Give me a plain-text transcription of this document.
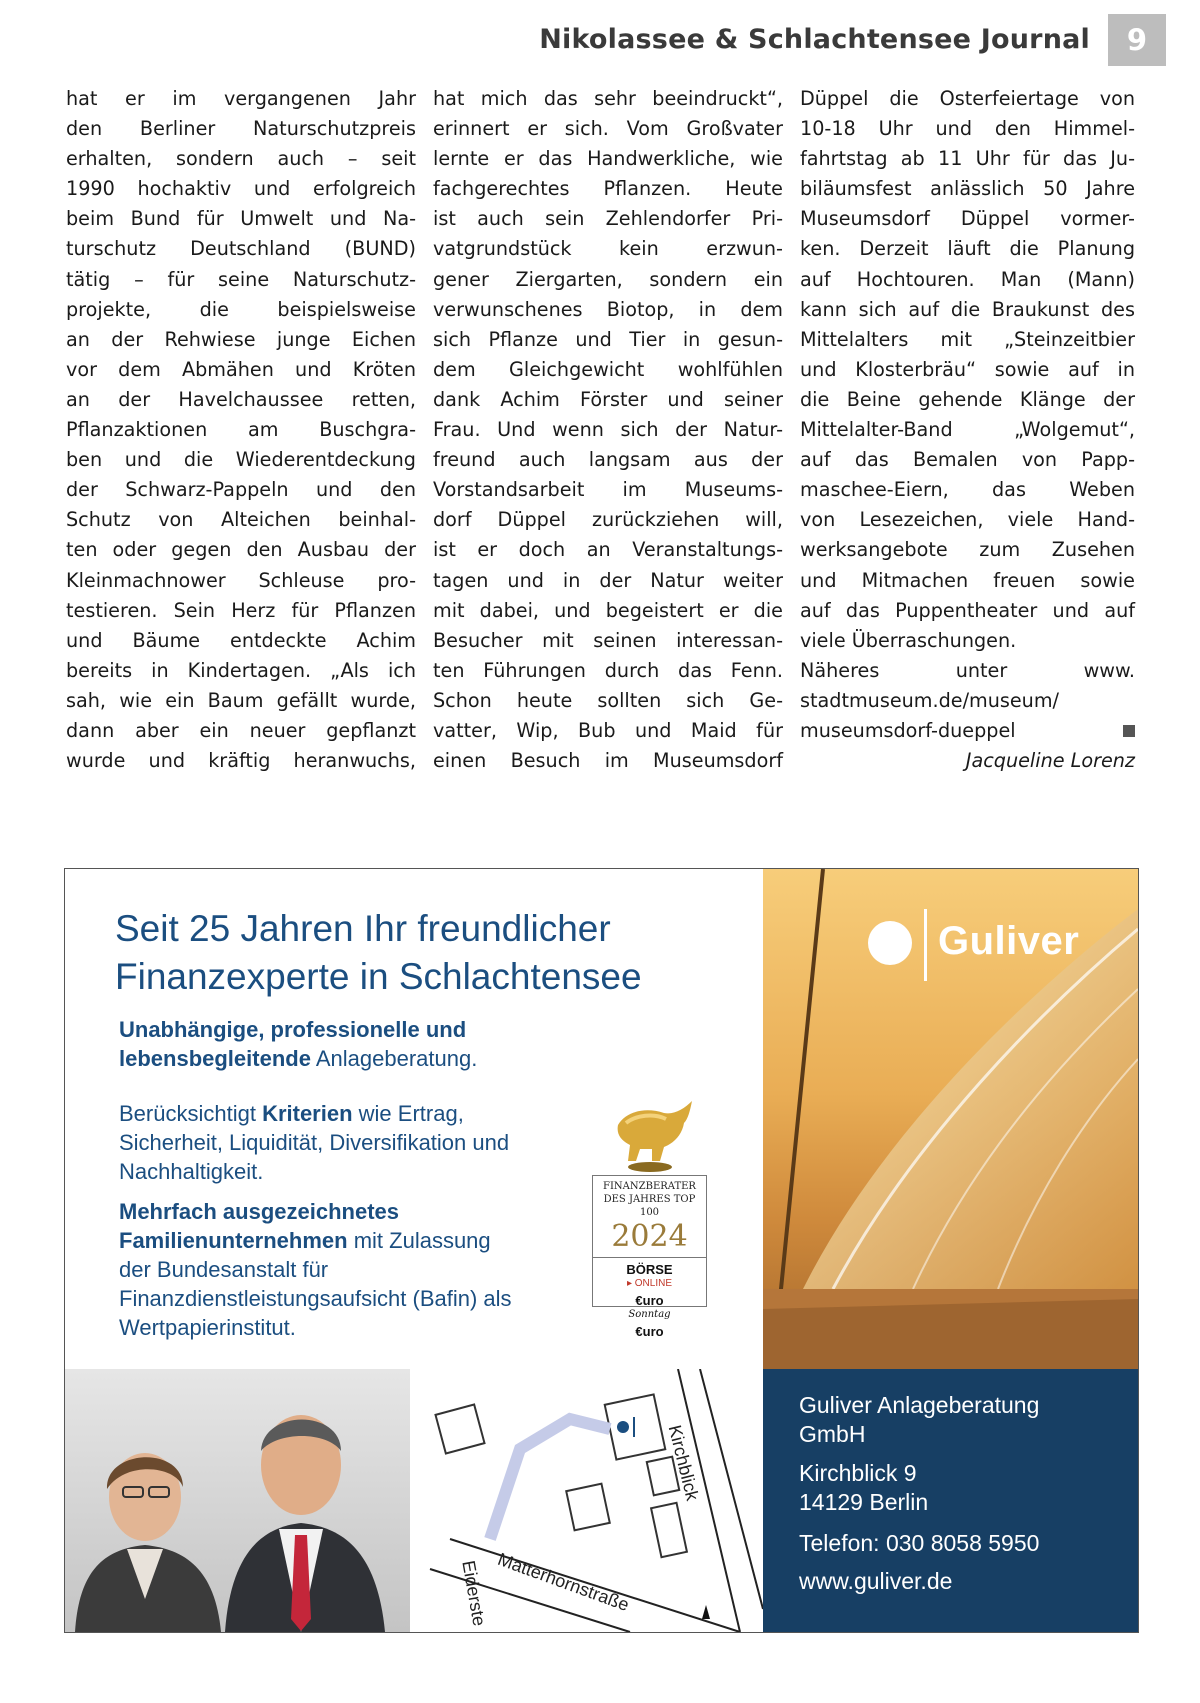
Nikolassee & Schlachtensee Journal	9
hat er im vergangenen Jahr
den Berliner Naturschutzpreis
erhalten, sondern auch – seit
1990 hochaktiv und erfolgreich
beim Bund für Umwelt und Na-
turschutz Deutschland (BUND)
tätig – für seine Naturschutz-
projekte, die beispielsweise
an der Rehwiese junge Eichen
vor dem Abmähen und Kröten
an der Havelchaussee retten,
Pflanzaktionen am Buschgra-
ben und die Wiederentdeckung
der Schwarz-Pappeln und den
Schutz von Alteichen beinhal-
ten oder gegen den Ausbau der
Kleinmachnower Schleuse pro-
testieren. Sein Herz für Pflanzen
und Bäume entdeckte Achim
bereits in Kindertagen. „Als ich
sah, wie ein Baum gefällt wurde,
dann aber ein neuer gepflanzt
wurde und kräftig heranwuchs,
hat mich das sehr beeindruckt“,
erinnert er sich. Vom Großvater
lernte er das Handwerkliche, wie
fachgerechtes Pflanzen. Heute
ist auch sein Zehlendorfer Pri-
vatgrundstück kein erzwun-
gener Ziergarten, sondern ein
verwunschenes Biotop, in dem
sich Pflanze und Tier in gesun-
dem Gleichgewicht wohlfühlen
dank Achim Förster und seiner
Frau. Und wenn sich der Natur-
freund auch langsam aus der
Vorstandsarbeit im Museums-
dorf Düppel zurückziehen will,
ist er doch an Veranstaltungs-
tagen und in der Natur weiter
mit dabei, und begeistert er die
Besucher mit seinen interessan-
ten Führungen durch das Fenn.
Schon heute sollten sich Ge-
vatter, Wip, Bub und Maid für
einen Besuch im Museumsdorf
Düppel die Osterfeiertage von
10-18 Uhr und den Himmel-
fahrtstag ab 11 Uhr für das Ju-
biläumsfest anlässlich 50 Jahre
Museumsdorf Düppel vormer-
ken. Derzeit läuft die Planung
auf Hochtouren. Man (Mann)
kann sich auf die Braukunst des
Mittelalters mit „Steinzeitbier
und Klosterbräu“ sowie auf in
die Beine gehende Klänge der
Mittelalter-Band „Wolgemut“,
auf das Bemalen von Papp-
maschee-Eiern, das Weben
von Lesezeichen, viele Hand-
werksangebote zum Zusehen
und Mitmachen freuen sowie
auf das Puppentheater und auf
viele Überraschungen.
Näheres unter www.
stadtmuseum.de/museum/
museumsdorf-dueppel
Jacqueline Lorenz
Seit 25 Jahren Ihr freundlicher
Finanzexperte in Schlachtensee
Unabhängige, professionelle und
lebensbegleitende Anlageberatung.
Berücksichtigt Kriterien wie Ertrag,
Sicherheit, Liquidität, Diversifikation und
Nachhaltigkeit.
Mehrfach ausgezeichnetes
Familienunternehmen mit Zulassung
der Bundesanstalt für
Finanzdienstleistungsaufsicht (Bafin) als
Wertpapierinstitut.
FINANZBERATER
DES JAHRES TOP 100
2024
BÖRSE
▸ ONLINE
€uro
Sonntag
€uro
Guliver
Kirchblick
Matterhornstraße
Eiderste
Guliver Anlageberatung
GmbH
Kirchblick 9
14129 Berlin
Telefon: 030 8058 5950
www.guliver.de
